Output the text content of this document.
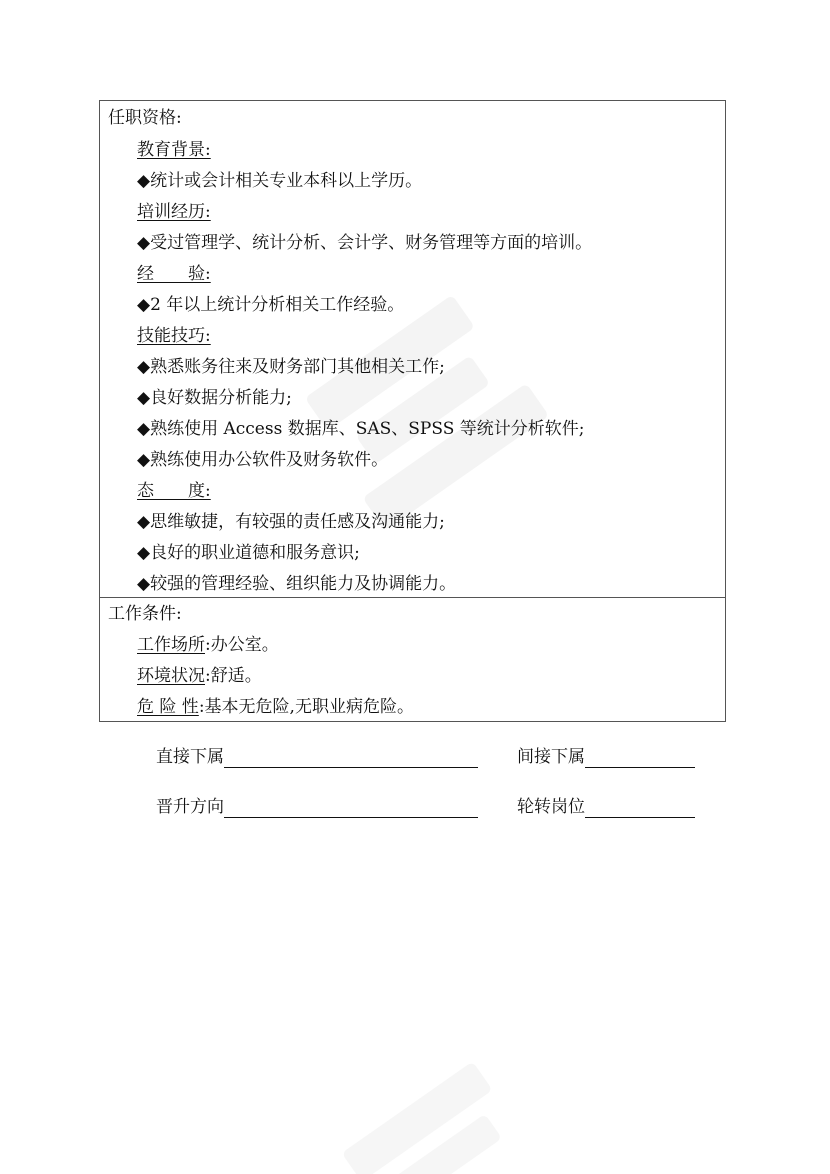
任职资格:
教育背景:
◆统计或会计相关专业本科以上学历。
培训经历:
◆受过管理学、统计分析、会计学、财务管理等方面的培训。
经　　验:
◆2 年以上统计分析相关工作经验。
技能技巧:
◆熟悉账务往来及财务部门其他相关工作;
◆良好数据分析能力;
◆熟练使用 Access 数据库、SAS、SPSS 等统计分析软件;
◆熟练使用办公软件及财务软件。
态　　度:
◆思维敏捷，有较强的责任感及沟通能力;
◆良好的职业道德和服务意识;
◆较强的管理经验、组织能力及协调能力。
工作条件:
工作场所:办公室。
环境状况:舒适。
危 险 性:基本无危险,无职业病危险。
直接下属	间接下属
晋升方向	轮转岗位
